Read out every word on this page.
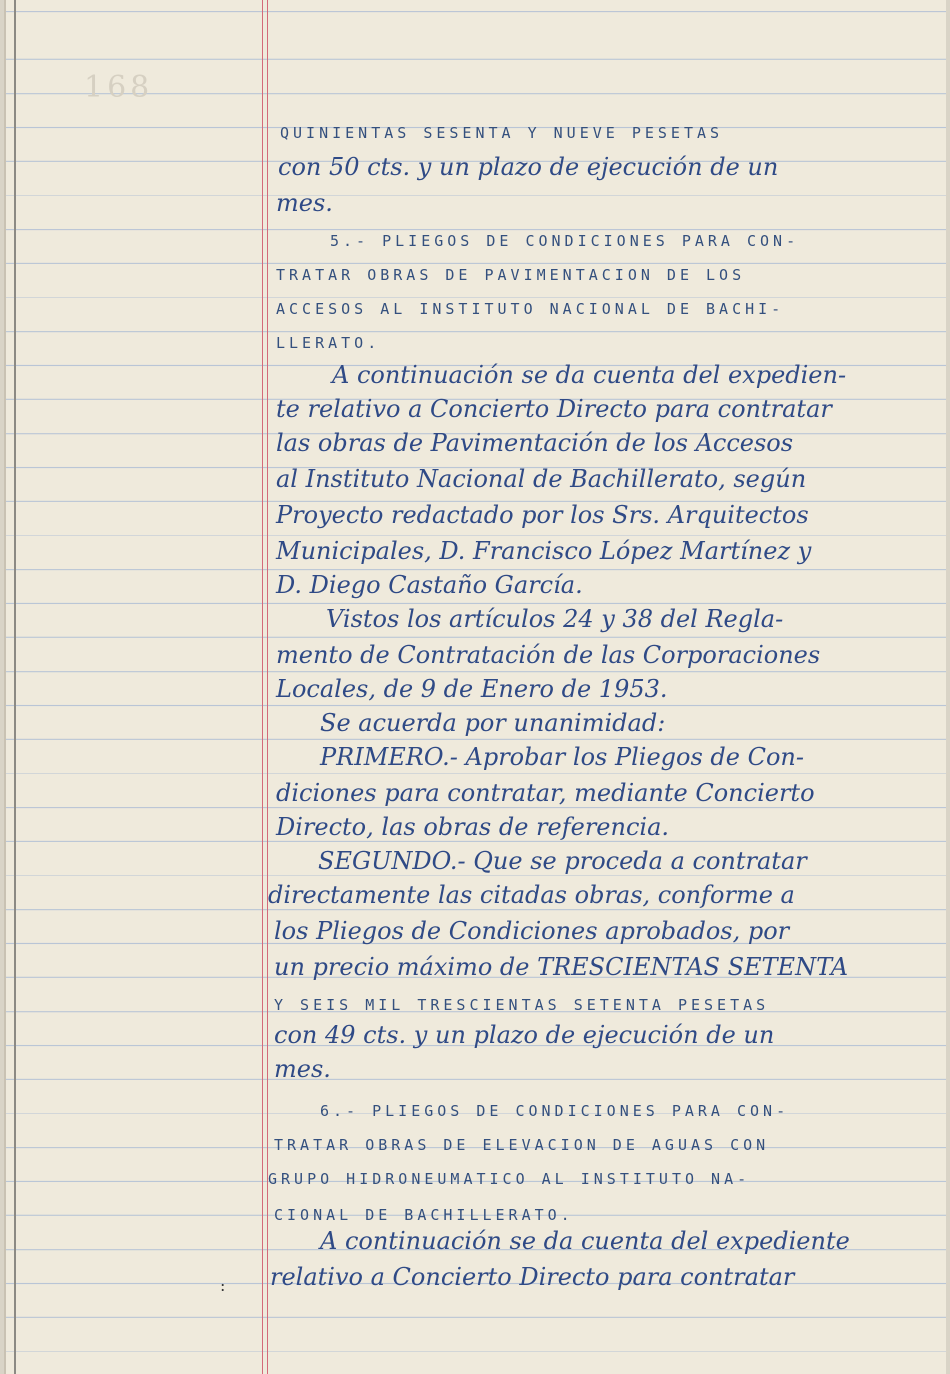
168
QUINIENTAS SESENTA Y NUEVE PESETAS
con 50 cts. y un plazo de ejecución de un
mes.
5.- PLIEGOS DE CONDICIONES PARA CON-
TRATAR OBRAS DE PAVIMENTACION DE LOS
ACCESOS AL INSTITUTO NACIONAL DE BACHI-
LLERATO.
A continuación se da cuenta del expedien-
te relativo a Concierto Directo para contratar
las obras de Pavimentación de los Accesos
al Instituto Nacional de Bachillerato, según
Proyecto redactado por los Srs. Arquitectos
Municipales, D. Francisco López Martínez y
D. Diego Castaño García.
Vistos los artículos 24 y 38 del Regla-
mento de Contratación de las Corporaciones
Locales, de 9 de Enero de 1953.
Se acuerda por unanimidad:
PRIMERO.- Aprobar los Pliegos de Con-
diciones para contratar, mediante Concierto
Directo, las obras de referencia.
SEGUNDO.- Que se proceda a contratar
directamente las citadas obras, conforme a
los Pliegos de Condiciones aprobados, por
un precio máximo de TRESCIENTAS SETENTA
Y SEIS MIL TRESCIENTAS SETENTA PESETAS
con 49 cts. y un plazo de ejecución de un
mes.
6.- PLIEGOS DE CONDICIONES PARA CON-
TRATAR OBRAS DE ELEVACION DE AGUAS CON
GRUPO HIDRONEUMATICO AL INSTITUTO NA-
CIONAL DE BACHILLERATO.
A continuación se da cuenta del expediente
relativo a Concierto Directo para contratar
:
